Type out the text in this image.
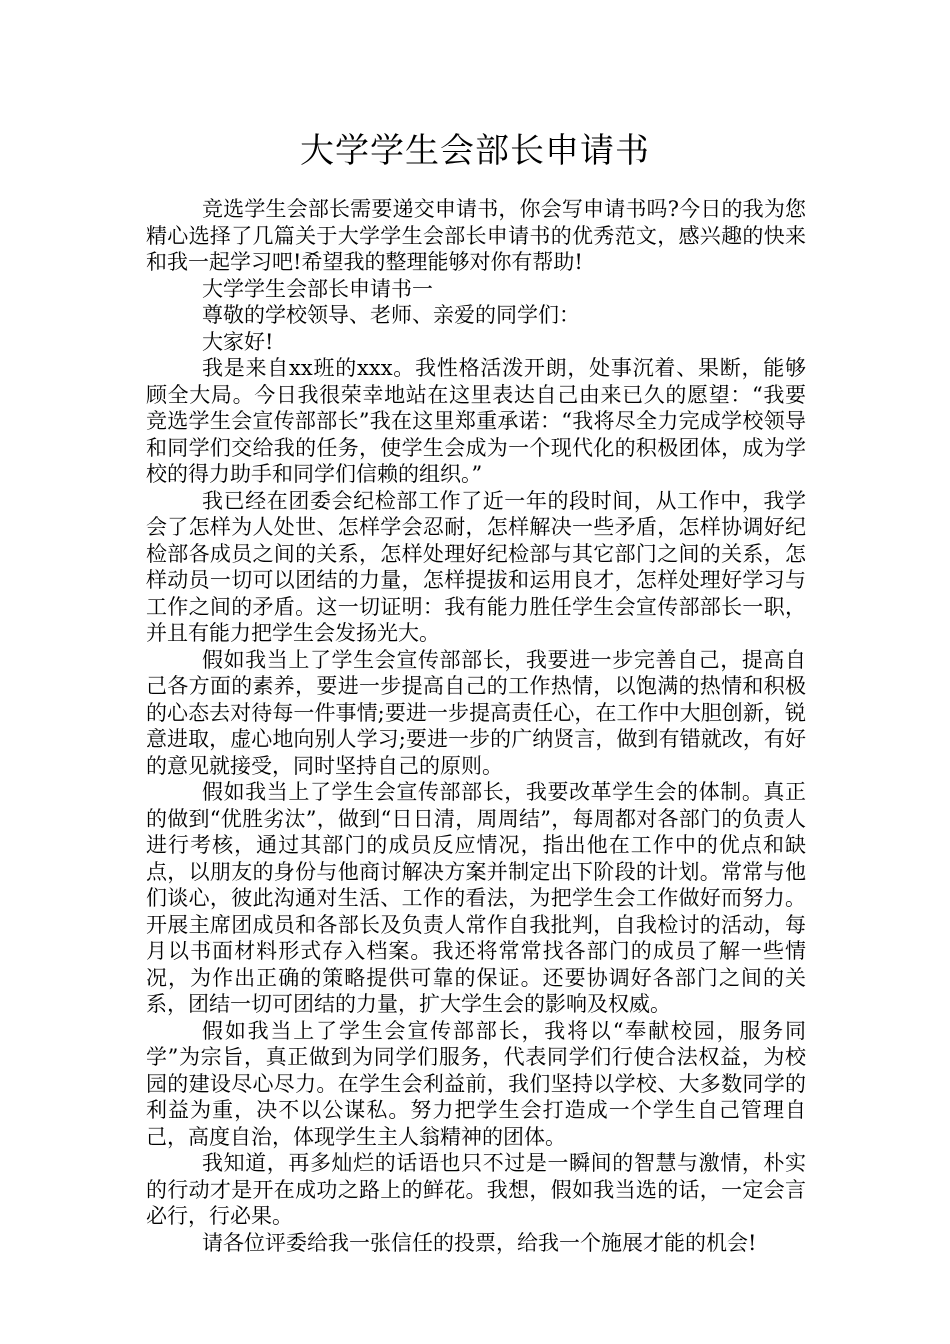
大学学生会部长申请书

竞选学生会部长需要递交申请书，你会写申请书吗?今日的我为您精心选择了几篇关于大学学生会部长申请书的优秀范文，感兴趣的快来和我一起学习吧!希望我的整理能够对你有帮助!

大学学生会部长申请书一

尊敬的学校领导、老师、亲爱的同学们：

大家好!

我是来自xx班的xxx。我性格活泼开朗，处事沉着、果断，能够顾全大局。今日我很荣幸地站在这里表达自己由来已久的愿望：“我要竞选学生会宣传部部长”我在这里郑重承诺：“我将尽全力完成学校领导和同学们交给我的任务，使学生会成为一个现代化的积极团体，成为学校的得力助手和同学们信赖的组织。”

我已经在团委会纪检部工作了近一年的段时间，从工作中，我学会了怎样为人处世、怎样学会忍耐，怎样解决一些矛盾，怎样协调好纪检部各成员之间的关系，怎样处理好纪检部与其它部门之间的关系，怎样动员一切可以团结的力量，怎样提拔和运用良才，怎样处理好学习与工作之间的矛盾。这一切证明：我有能力胜任学生会宣传部部长一职，并且有能力把学生会发扬光大。

假如我当上了学生会宣传部部长，我要进一步完善自己，提高自己各方面的素养，要进一步提高自己的工作热情，以饱满的热情和积极的心态去对待每一件事情;要进一步提高责任心，在工作中大胆创新，锐意进取，虚心地向别人学习;要进一步的广纳贤言，做到有错就改，有好的意见就接受，同时坚持自己的原则。

假如我当上了学生会宣传部部长，我要改革学生会的体制。真正的做到“优胜劣汰”，做到“日日清，周周结”，每周都对各部门的负责人进行考核，通过其部门的成员反应情况，指出他在工作中的优点和缺点，以朋友的身份与他商讨解决方案并制定出下阶段的计划。常常与他们谈心，彼此沟通对生活、工作的看法，为把学生会工作做好而努力。开展主席团成员和各部长及负责人常作自我批判，自我检讨的活动，每月以书面材料形式存入档案。我还将常常找各部门的成员了解一些情况，为作出正确的策略提供可靠的保证。还要协调好各部门之间的关系，团结一切可团结的力量，扩大学生会的影响及权威。

假如我当上了学生会宣传部部长，我将以“奉献校园，服务同学”为宗旨，真正做到为同学们服务，代表同学们行使合法权益，为校园的建设尽心尽力。在学生会利益前，我们坚持以学校、大多数同学的利益为重，决不以公谋私。努力把学生会打造成一个学生自己管理自己，高度自治，体现学生主人翁精神的团体。

我知道，再多灿烂的话语也只不过是一瞬间的智慧与激情，朴实的行动才是开在成功之路上的鲜花。我想，假如我当选的话，一定会言必行，行必果。

请各位评委给我一张信任的投票，给我一个施展才能的机会!
